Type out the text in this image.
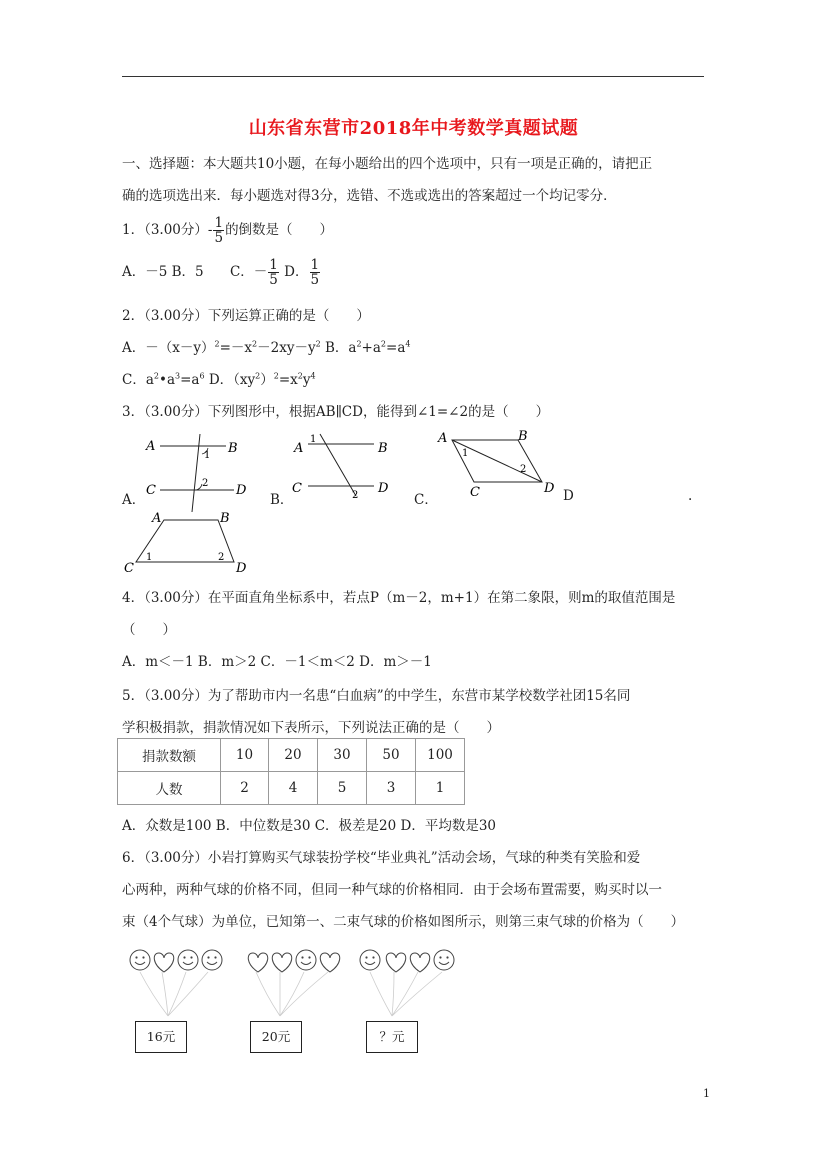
山东省东营市2018年中考数学真题试题
一、选择题：本大题共10小题，在每小题给出的四个选项中，只有一项是正确的，请把正
确的选项选出来．每小题选对得3分，选错、不选或选出的答案超过一个均记零分．
1．（3.00分）- $\frac{1}{5}$ 的倒数是（　　）
A．－5 B．5 C．－ $\frac{1}{5}$ D． $\frac{1}{5}$
2．（3.00分）下列运算正确的是（　　）
A．$-(x-y)^2=-x^2-2xy-y^2$ B．$a^2+a^2=a^4$
C．$a^2•a^3=a^6$ D．$(xy^2)^2=x^2y^4$
3．（3.00分）下列图形中，根据AB∥CD，能得到∠1=∠2的是（　　）
A．	B．	C．	D	.
A	B
C	D
1
2
A	B
C	D
1
2
A	B
C	D
1
2
A	B
C	D
1	2
4．（3.00分）在平面直角坐标系中，若点P（m－2，m+1）在第二象限，则m的取值范围是
（　　）
A．m＜－1 B．m＞2 C．－1＜m＜2 D．m＞－1
5．（3.00分）为了帮助市内一名患“白血病”的中学生，东营市某学校数学社团15名同
学积极捐款，捐款情况如下表所示，下列说法正确的是（　　）
捐款数额	10	20	30	50	100
人数	2	4	5	3	1
A．众数是100 B．中位数是30 C．极差是20 D．平均数是30
6．（3.00分）小岩打算购买气球装扮学校“毕业典礼”活动会场，气球的种类有笑脸和爱
心两种，两种气球的价格不同，但同一种气球的价格相同．由于会场布置需要，购买时以一
束（4个气球）为单位，已知第一、二束气球的价格如图所示，则第三束气球的价格为（　　）
16元	20元	？元
1
